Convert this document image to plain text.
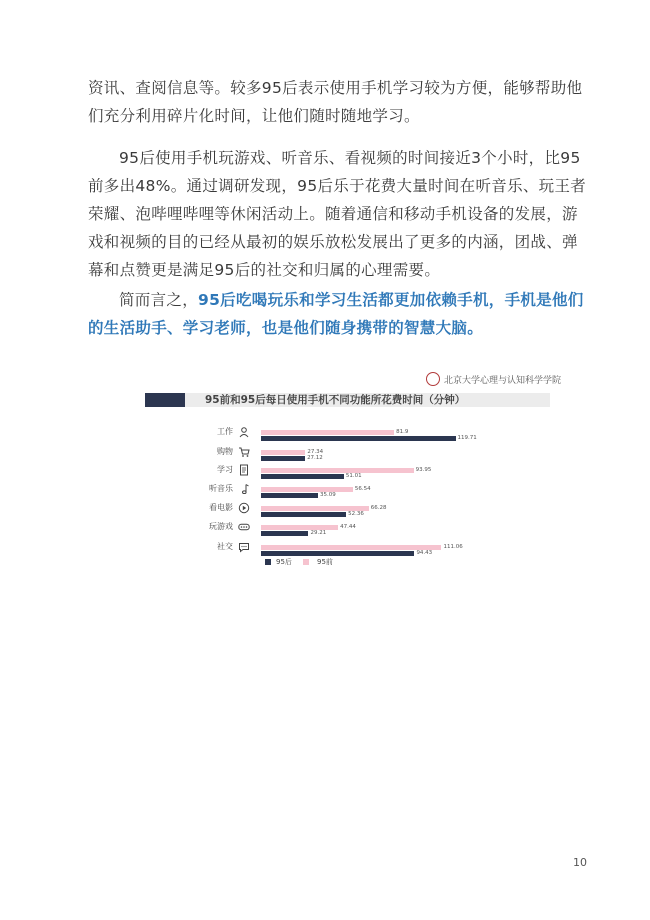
资讯、查阅信息等。较多95后表示使用手机学习较为方便，能够帮助他们充分利用碎片化时间，让他们随时随地学习。

95后使用手机玩游戏、听音乐、看视频的时间接近3个小时，比95前多出48%。通过调研发现，95后乐于花费大量时间在听音乐、玩王者荣耀、泡哔哩哔哩等休闲活动上。随着通信和移动手机设备的发展，游戏和视频的目的已经从最初的娱乐放松发展出了更多的内涵，团战、弹幕和点赞更是满足95后的社交和归属的心理需要。

简而言之，95后吃喝玩乐和学习生活都更加依赖手机，手机是他们的生活助手、学习老师，也是他们随身携带的智慧大脑。

北京大学心理与认知科学学院
95前和95后每日使用手机不同功能所花费时间（分钟）
工作
购物
学习
听音乐
看电影
玩游戏
社交
81.9
119.71
27.34
27.12
93.95
51.01
56.54
35.09
66.28
52.36
47.44
29.21
111.06
94.43
95后	95前
10
